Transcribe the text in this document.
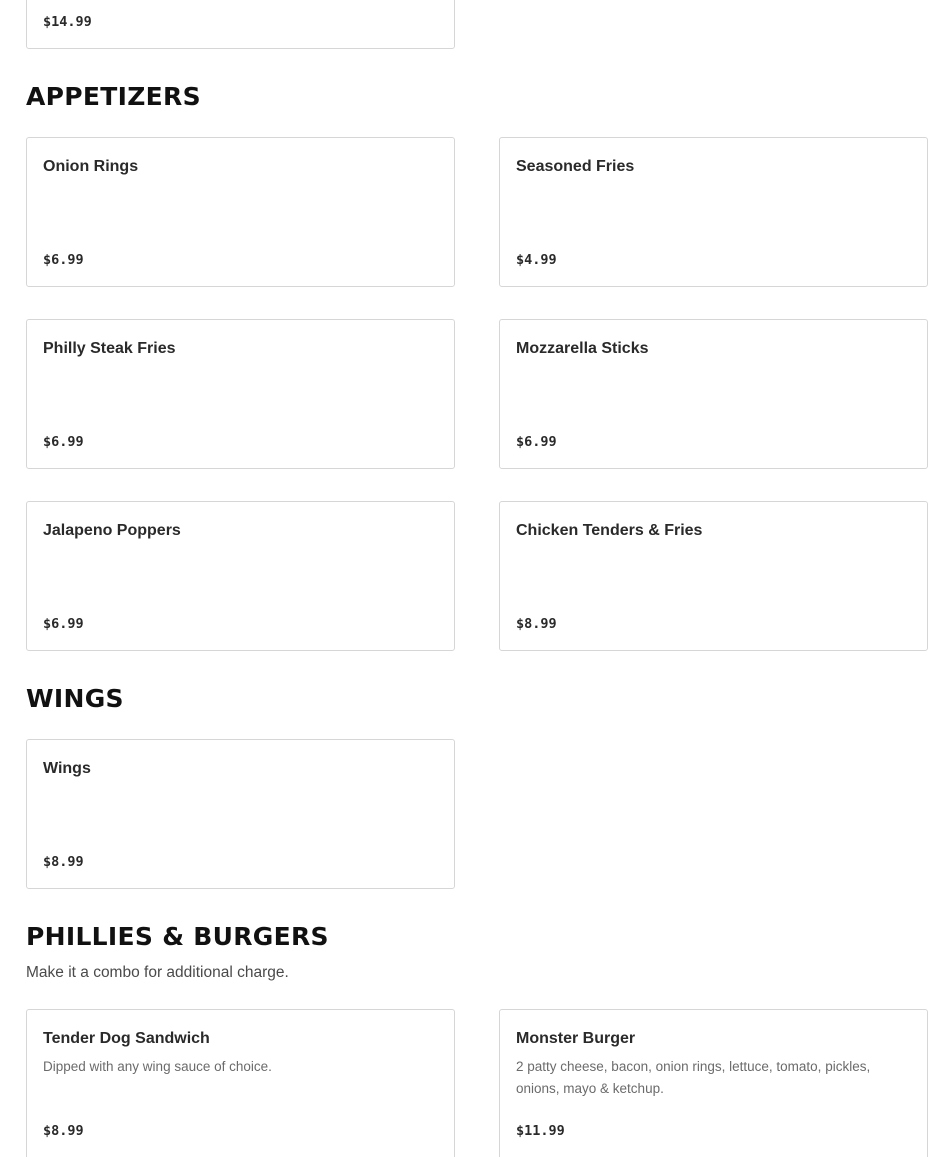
$14.99
APPETIZERS
Onion Rings
$6.99
Seasoned Fries
$4.99
Philly Steak Fries
$6.99
Mozzarella Sticks
$6.99
Jalapeno Poppers
$6.99
Chicken Tenders & Fries
$8.99
WINGS
Wings
$8.99
PHILLIES & BURGERS
Make it a combo for additional charge.
Tender Dog Sandwich
Dipped with any wing sauce of choice.
$8.99
Monster Burger
2 patty cheese, bacon, onion rings, lettuce, tomato, pickles, onions, mayo & ketchup.
$11.99
